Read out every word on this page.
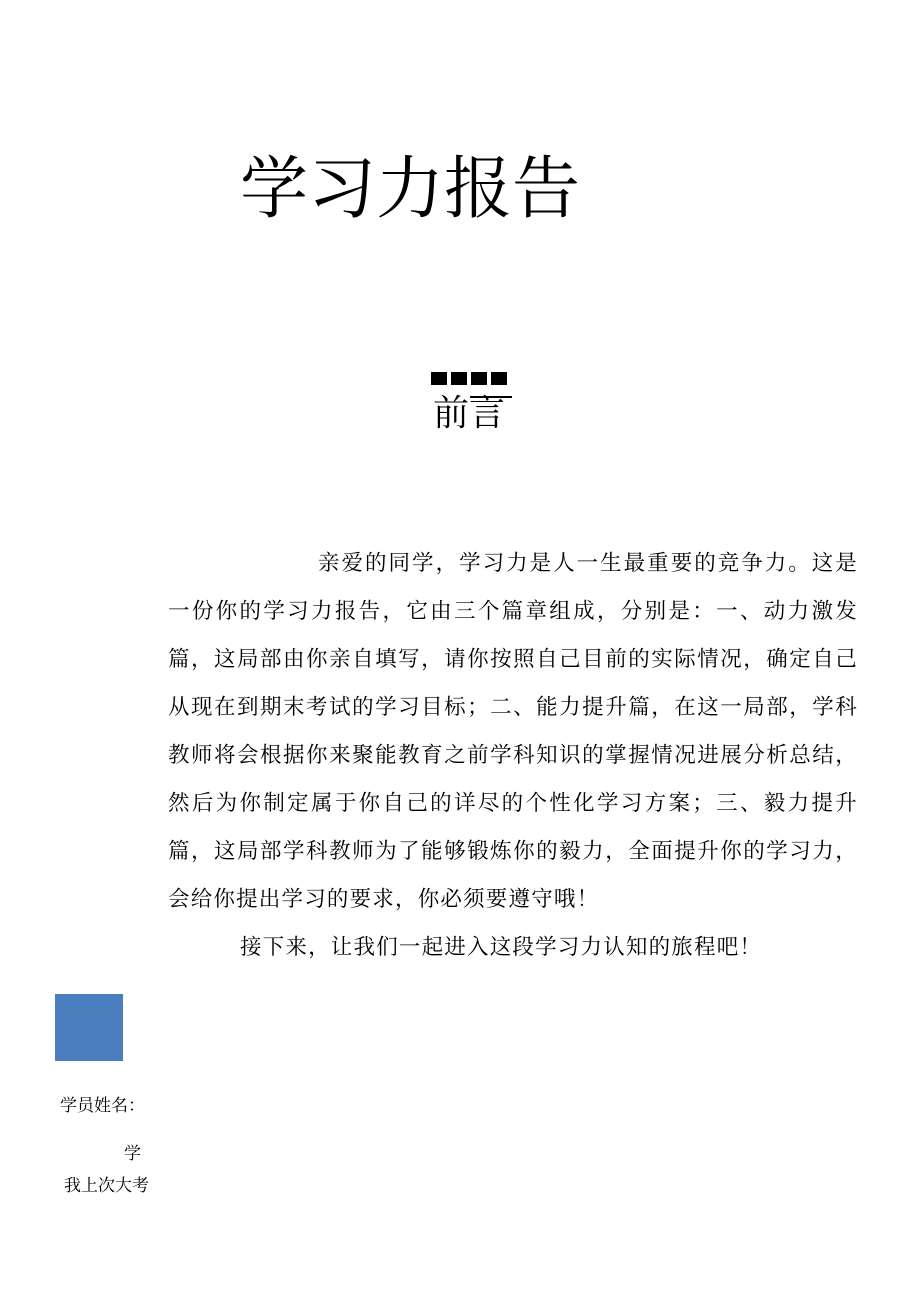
学习力报告
前言

亲爱的同学，学习力是人一生最重要的竞争力。这是一份你的学习力报告，它由三个篇章组成，分别是：一、动力激发篇，这局部由你亲自填写，请你按照自己目前的实际情况，确定自己从现在到期末考试的学习目标；二、能力提升篇，在这一局部，学科教师将会根据你来聚能教育之前学科知识的掌握情况进展分析总结，然后为你制定属于你自己的详尽的个性化学习方案；三、毅力提升篇，这局部学科教师为了能够锻炼你的毅力，全面提升你的学习力，会给你提出学习的要求，你必须要遵守哦！

接下来，让我们一起进入这段学习力认知的旅程吧！

学员姓名：
学
我上次大考
